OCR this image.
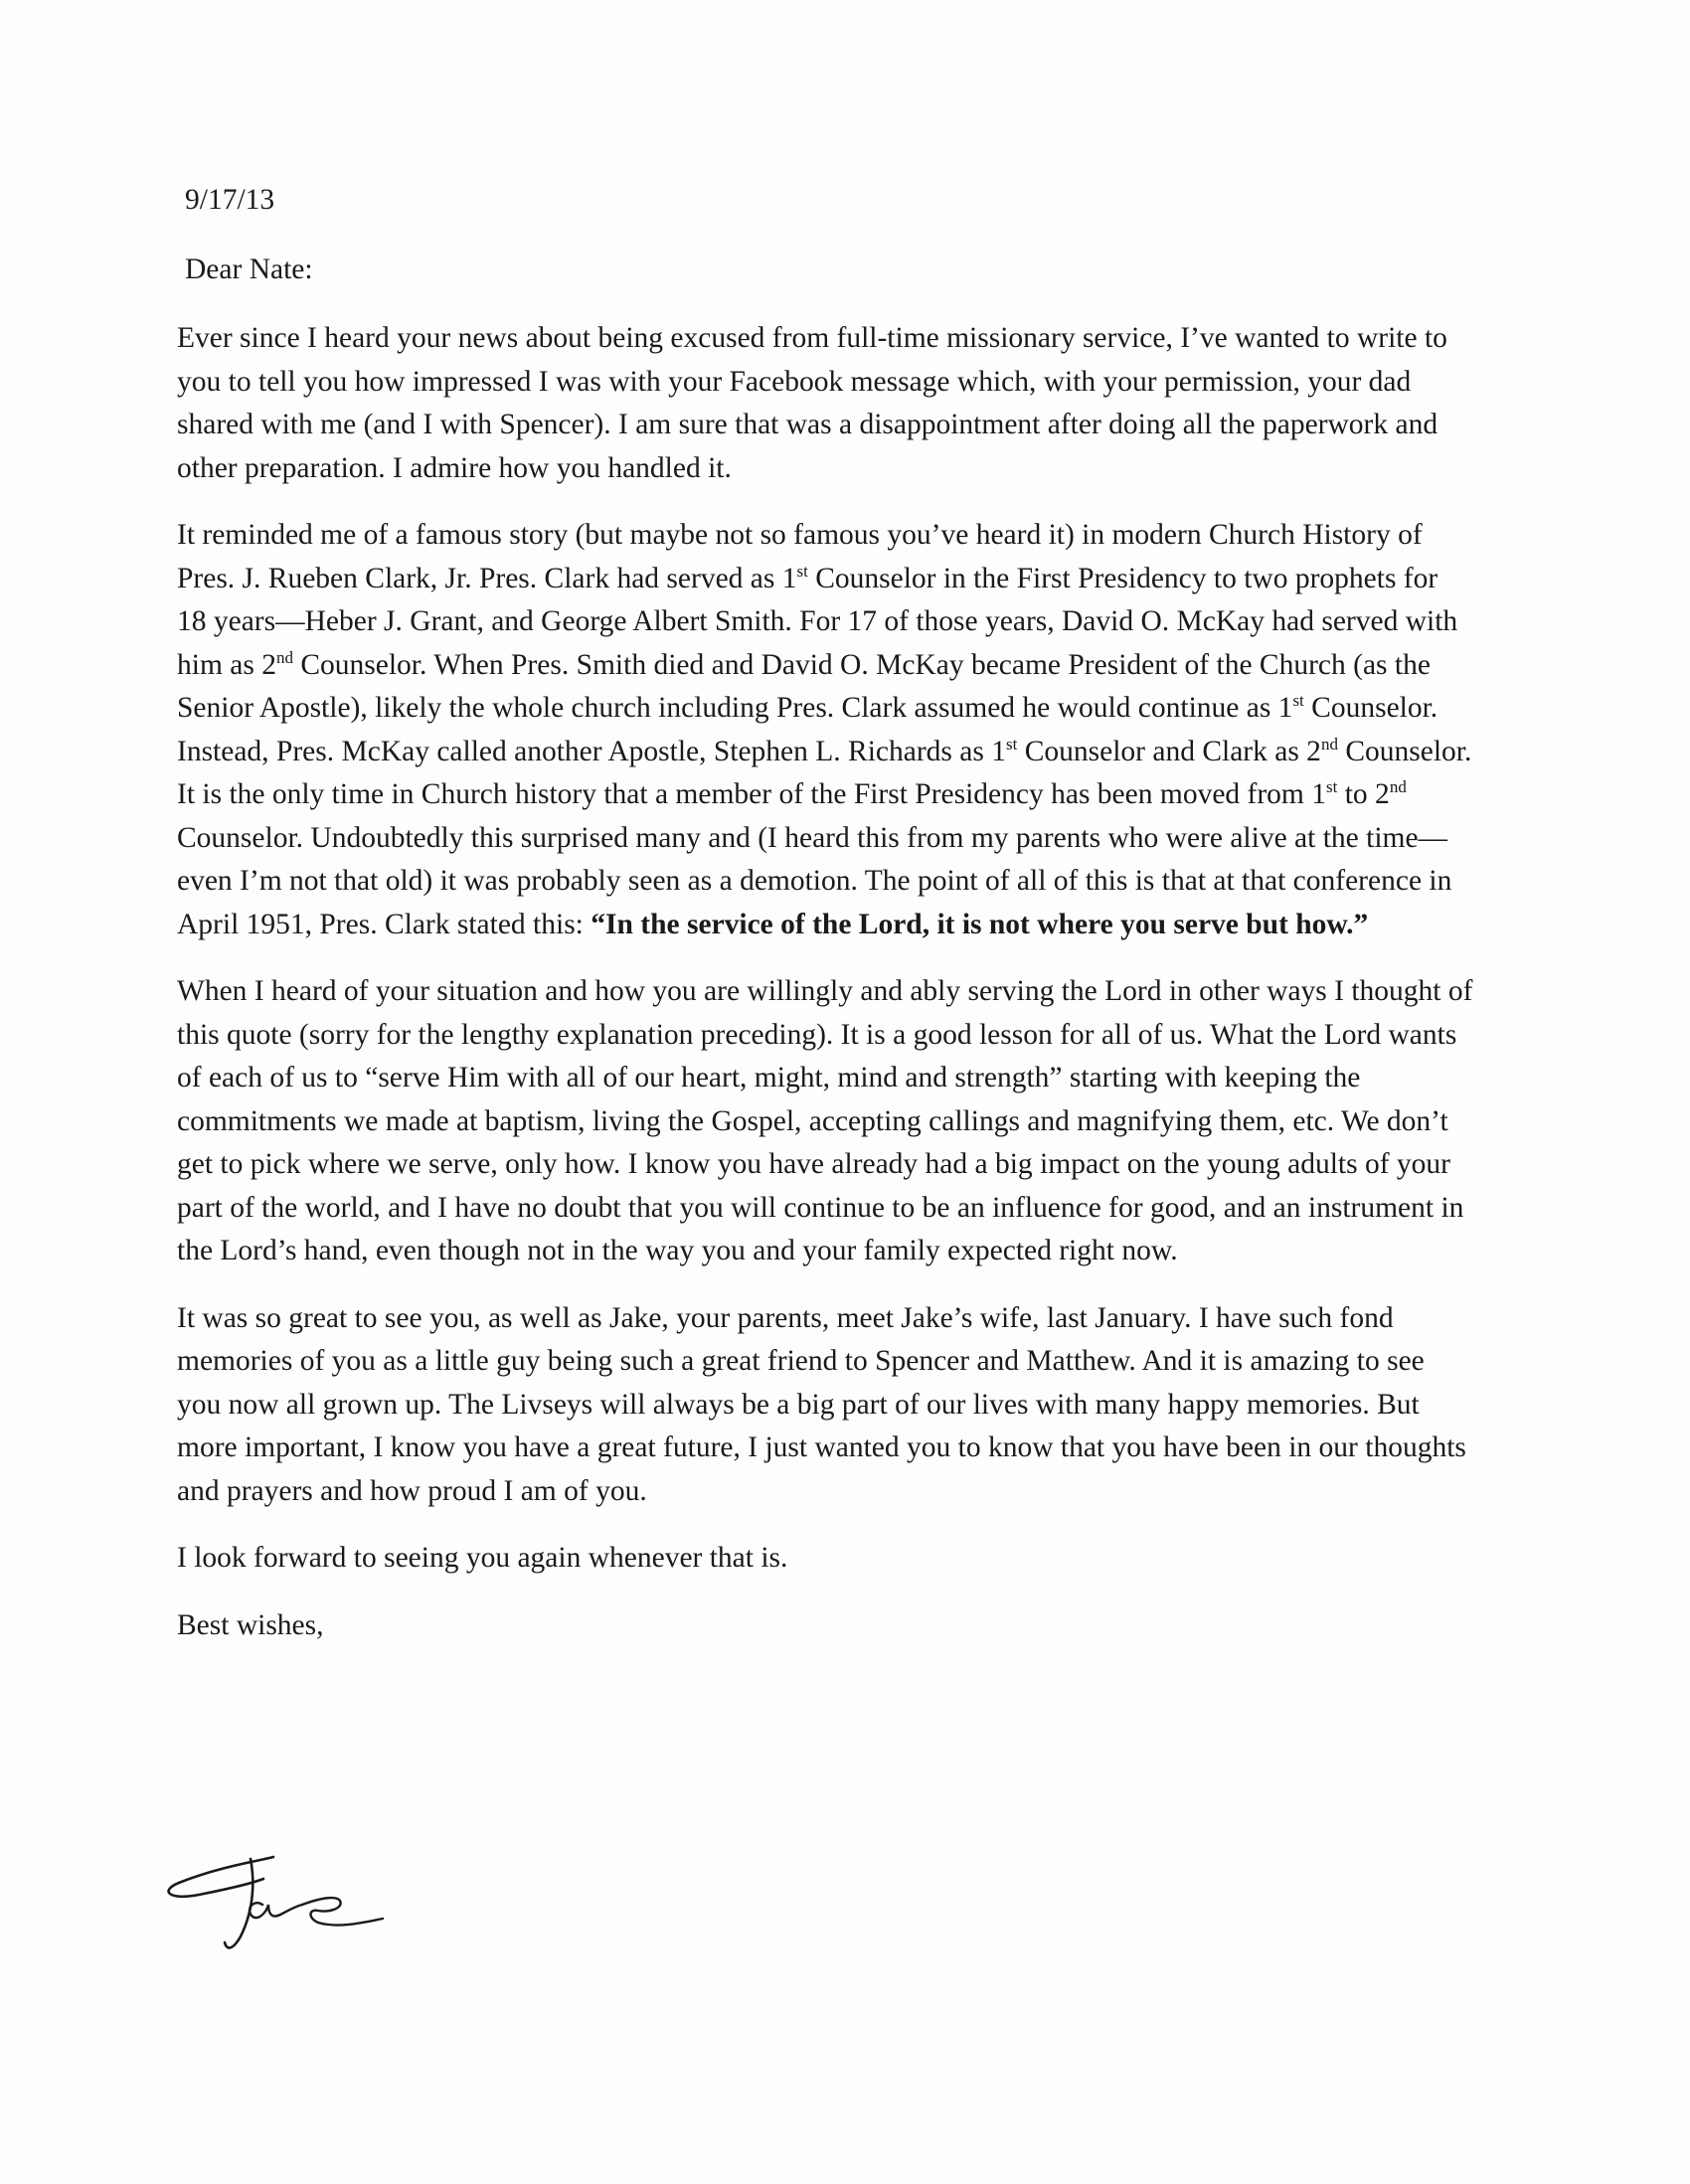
9/17/13
Dear Nate:

Ever since I heard your news about being excused from full-time missionary service, I’ve wanted to write to you to tell you how impressed I was with your Facebook message which, with your permission, your dad shared with me (and I with Spencer). I am sure that was a disappointment after doing all the paperwork and other preparation. I admire how you handled it.

It reminded me of a famous story (but maybe not so famous you’ve heard it) in modern Church History of Pres. J. Rueben Clark, Jr. Pres. Clark had served as 1st Counselor in the First Presidency to two prophets for 18 years—Heber J. Grant, and George Albert Smith. For 17 of those years, David O. McKay had served with him as 2nd Counselor. When Pres. Smith died and David O. McKay became President of the Church (as the Senior Apostle), likely the whole church including Pres. Clark assumed he would continue as 1st Counselor. Instead, Pres. McKay called another Apostle, Stephen L. Richards as 1st Counselor and Clark as 2nd Counselor. It is the only time in Church history that a member of the First Presidency has been moved from 1st to 2nd Counselor. Undoubtedly this surprised many and (I heard this from my parents who were alive at the time—even I’m not that old) it was probably seen as a demotion. The point of all of this is that at that conference in April 1951, Pres. Clark stated this: “In the service of the Lord, it is not where you serve but how.”

When I heard of your situation and how you are willingly and ably serving the Lord in other ways I thought of this quote (sorry for the lengthy explanation preceding). It is a good lesson for all of us. What the Lord wants of each of us to “serve Him with all of our heart, might, mind and strength” starting with keeping the commitments we made at baptism, living the Gospel, accepting callings and magnifying them, etc. We don’t get to pick where we serve, only how. I know you have already had a big impact on the young adults of your part of the world, and I have no doubt that you will continue to be an influence for good, and an instrument in the Lord’s hand, even though not in the way you and your family expected right now.

It was so great to see you, as well as Jake, your parents, meet Jake’s wife, last January. I have such fond memories of you as a little guy being such a great friend to Spencer and Matthew. And it is amazing to see you now all grown up. The Livseys will always be a big part of our lives with many happy memories. But more important, I know you have a great future, I just wanted you to know that you have been in our thoughts and prayers and how proud I am of you.

I look forward to seeing you again whenever that is.

Best wishes,
